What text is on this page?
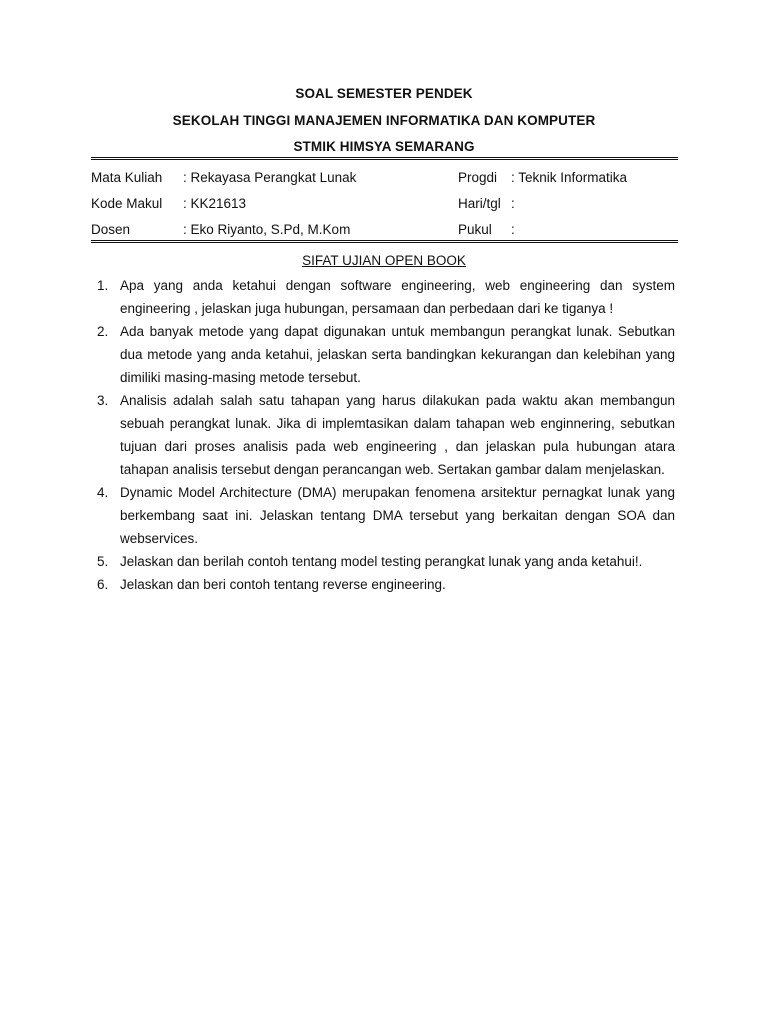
SOAL SEMESTER PENDEK
SEKOLAH TINGGI MANAJEMEN INFORMATIKA DAN KOMPUTER
STMIK HIMSYA SEMARANG
Mata Kuliah : Rekayasa Perangkat Lunak	Progdi : Teknik Informatika
Kode Makul : KK21613	Hari/tgl :
Dosen	: Eko Riyanto, S.Pd, M.Kom	Pukul :
SIFAT UJIAN OPEN BOOK
1. Apa yang anda ketahui dengan software engineering, web engineering dan system engineering , jelaskan juga hubungan, persamaan dan perbedaan dari ke tiganya !
2. Ada banyak metode yang dapat digunakan untuk membangun perangkat lunak. Sebutkan dua metode yang anda ketahui, jelaskan serta bandingkan kekurangan dan kelebihan yang dimiliki masing-masing metode tersebut.
3. Analisis adalah salah satu tahapan yang harus dilakukan pada waktu akan membangun sebuah perangkat lunak. Jika di implemtasikan dalam tahapan web enginnering, sebutkan tujuan dari proses analisis pada web engineering , dan jelaskan pula hubungan atara tahapan analisis tersebut dengan perancangan web. Sertakan gambar dalam menjelaskan.
4. Dynamic Model Architecture (DMA) merupakan fenomena arsitektur pernagkat lunak yang berkembang saat ini. Jelaskan tentang DMA tersebut yang berkaitan dengan SOA dan webservices.
5. Jelaskan dan berilah contoh tentang model testing perangkat lunak yang anda ketahui!.
6. Jelaskan dan beri contoh tentang reverse engineering.
